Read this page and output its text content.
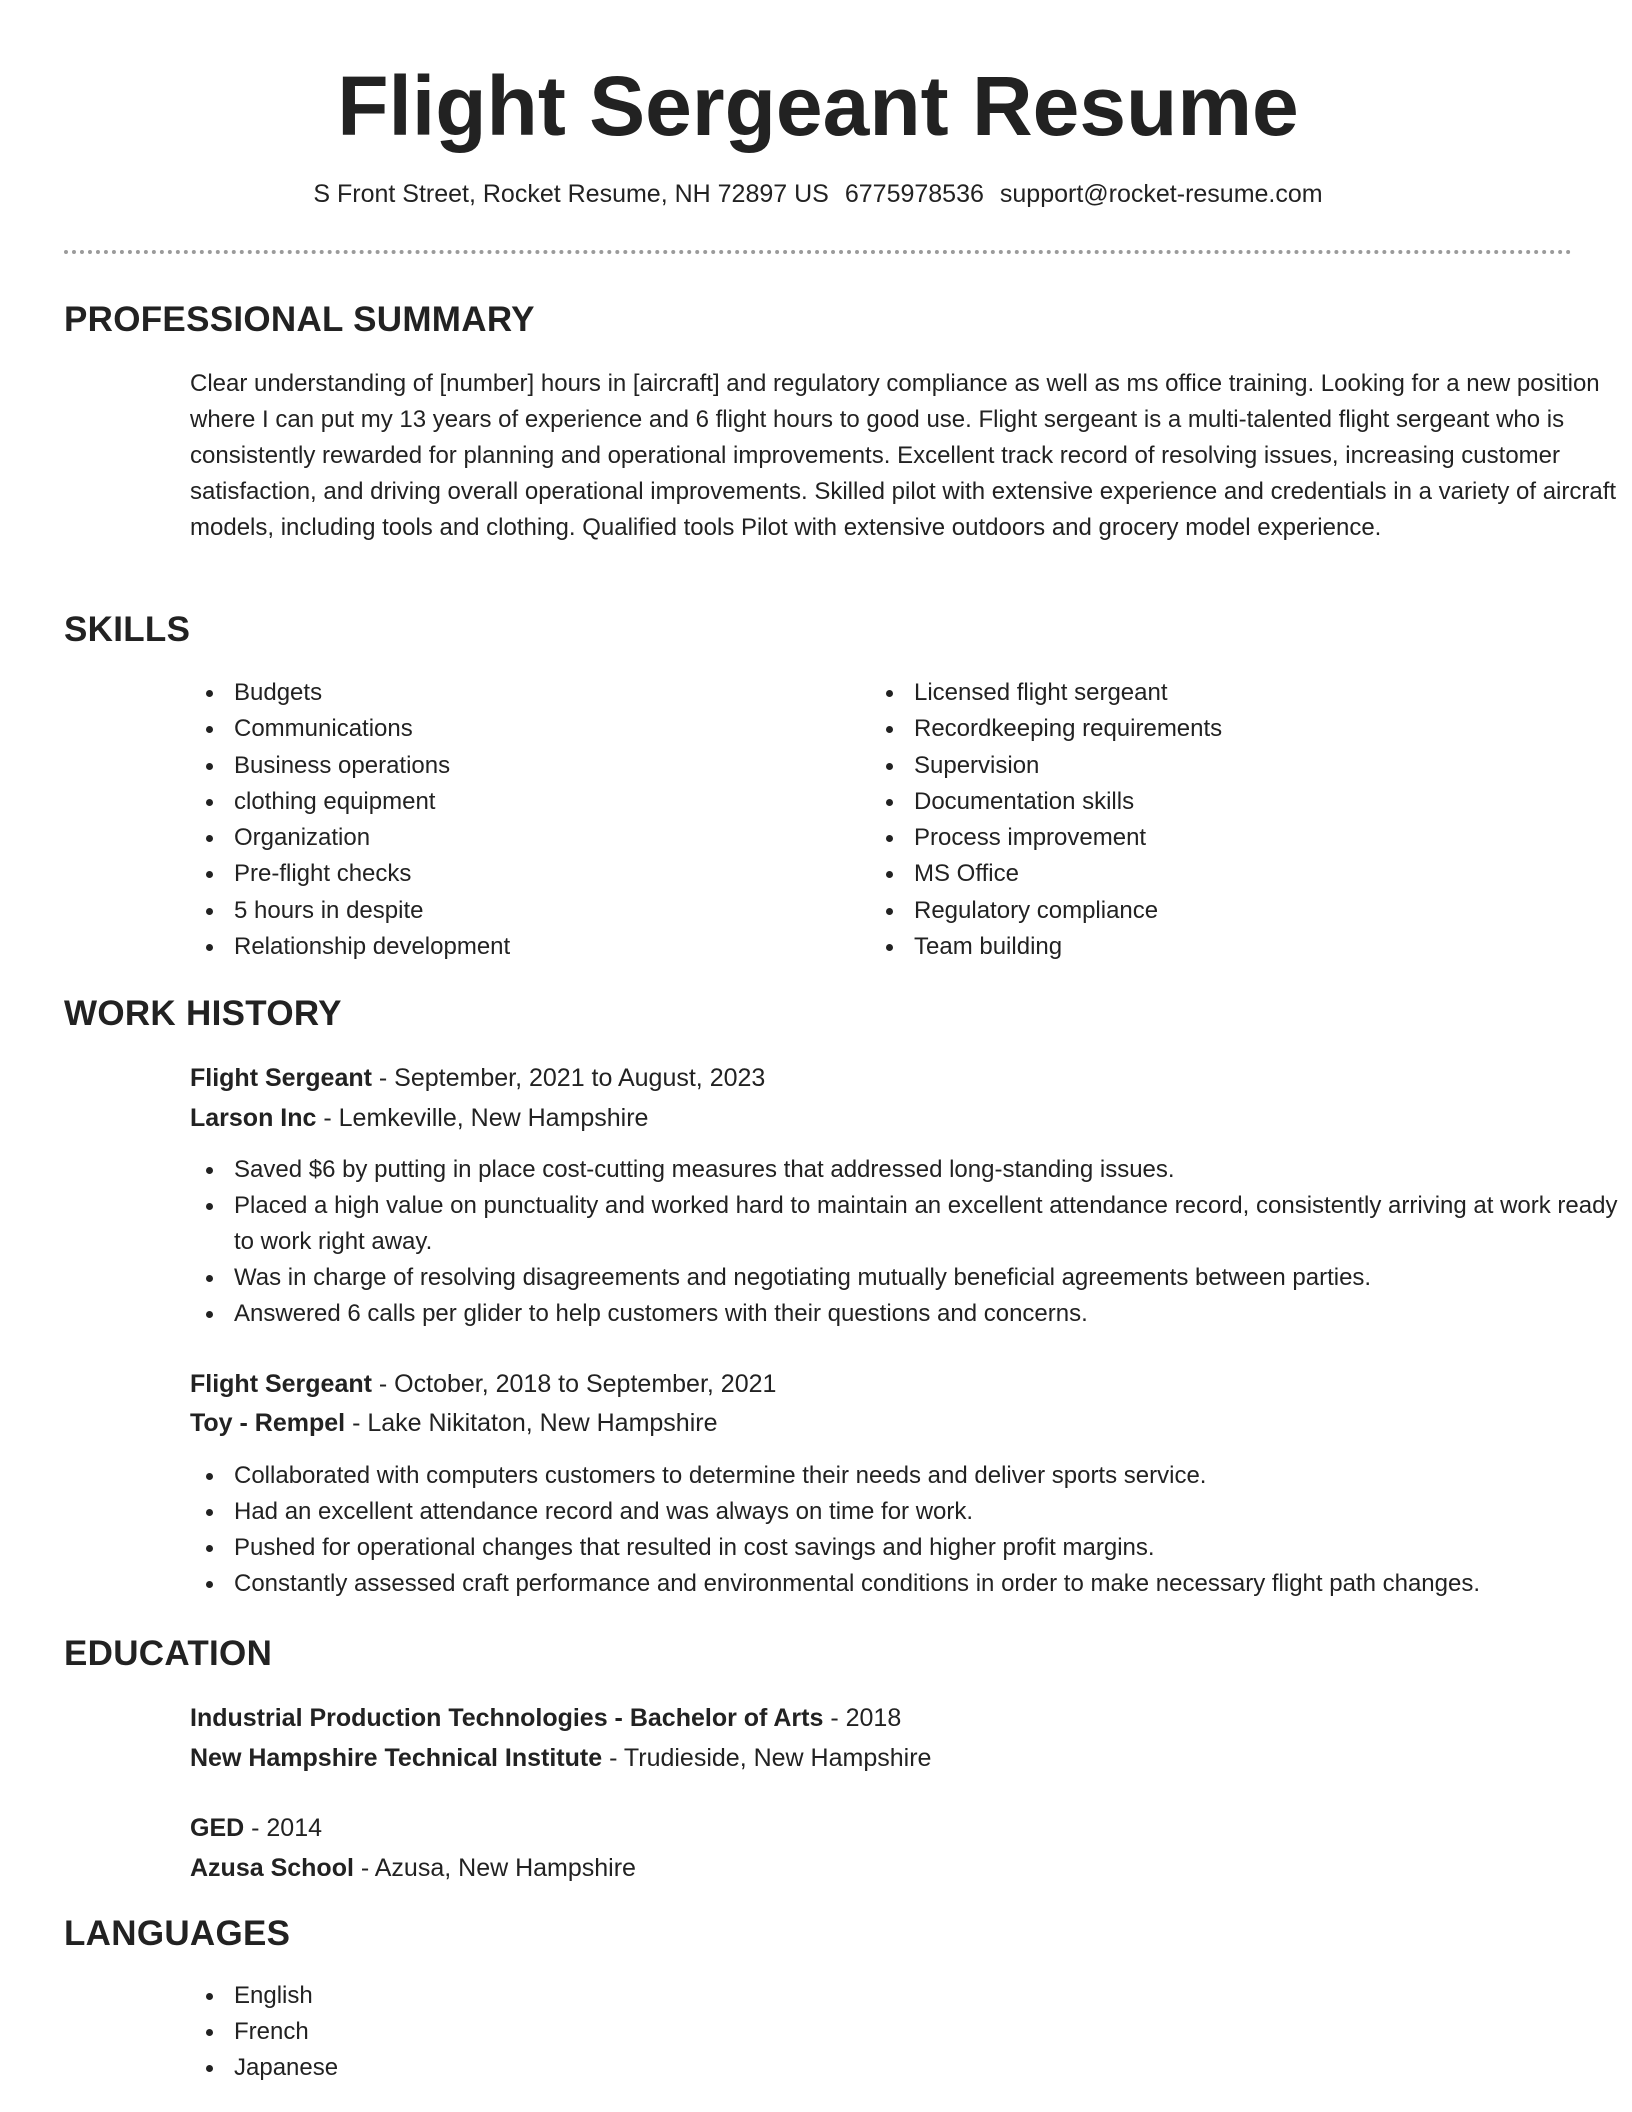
Flight Sergeant Resume
S Front Street, Rocket Resume, NH 72897 US 6775978536 support@rocket-resume.com
PROFESSIONAL SUMMARY

Clear understanding of [number] hours in [aircraft] and regulatory compliance as well as ms office training. Looking for a new position where I can put my 13 years of experience and 6 flight hours to good use. Flight sergeant is a multi-talented flight sergeant who is consistently rewarded for planning and operational improvements. Excellent track record of resolving issues, increasing customer satisfaction, and driving overall operational improvements. Skilled pilot with extensive experience and credentials in a variety of aircraft models, including tools and clothing. Qualified tools Pilot with extensive outdoors and grocery model experience.

SKILLS
Budgets
Communications
Business operations
clothing equipment
Organization
Pre-flight checks
5 hours in despite
Relationship development
Licensed flight sergeant
Recordkeeping requirements
Supervision
Documentation skills
Process improvement
MS Office
Regulatory compliance
Team building
WORK HISTORY
Flight Sergeant - September, 2021 to August, 2023
Larson Inc - Lemkeville, New Hampshire
Saved $6 by putting in place cost-cutting measures that addressed long-standing issues.
Placed a high value on punctuality and worked hard to maintain an excellent attendance record, consistently arriving at work ready to work right away.
Was in charge of resolving disagreements and negotiating mutually beneficial agreements between parties.
Answered 6 calls per glider to help customers with their questions and concerns.
Flight Sergeant - October, 2018 to September, 2021
Toy - Rempel - Lake Nikitaton, New Hampshire
Collaborated with computers customers to determine their needs and deliver sports service.
Had an excellent attendance record and was always on time for work.
Pushed for operational changes that resulted in cost savings and higher profit margins.
Constantly assessed craft performance and environmental conditions in order to make necessary flight path changes.
EDUCATION
Industrial Production Technologies - Bachelor of Arts - 2018
New Hampshire Technical Institute - Trudieside, New Hampshire
GED - 2014
Azusa School - Azusa, New Hampshire
LANGUAGES
English
French
Japanese
